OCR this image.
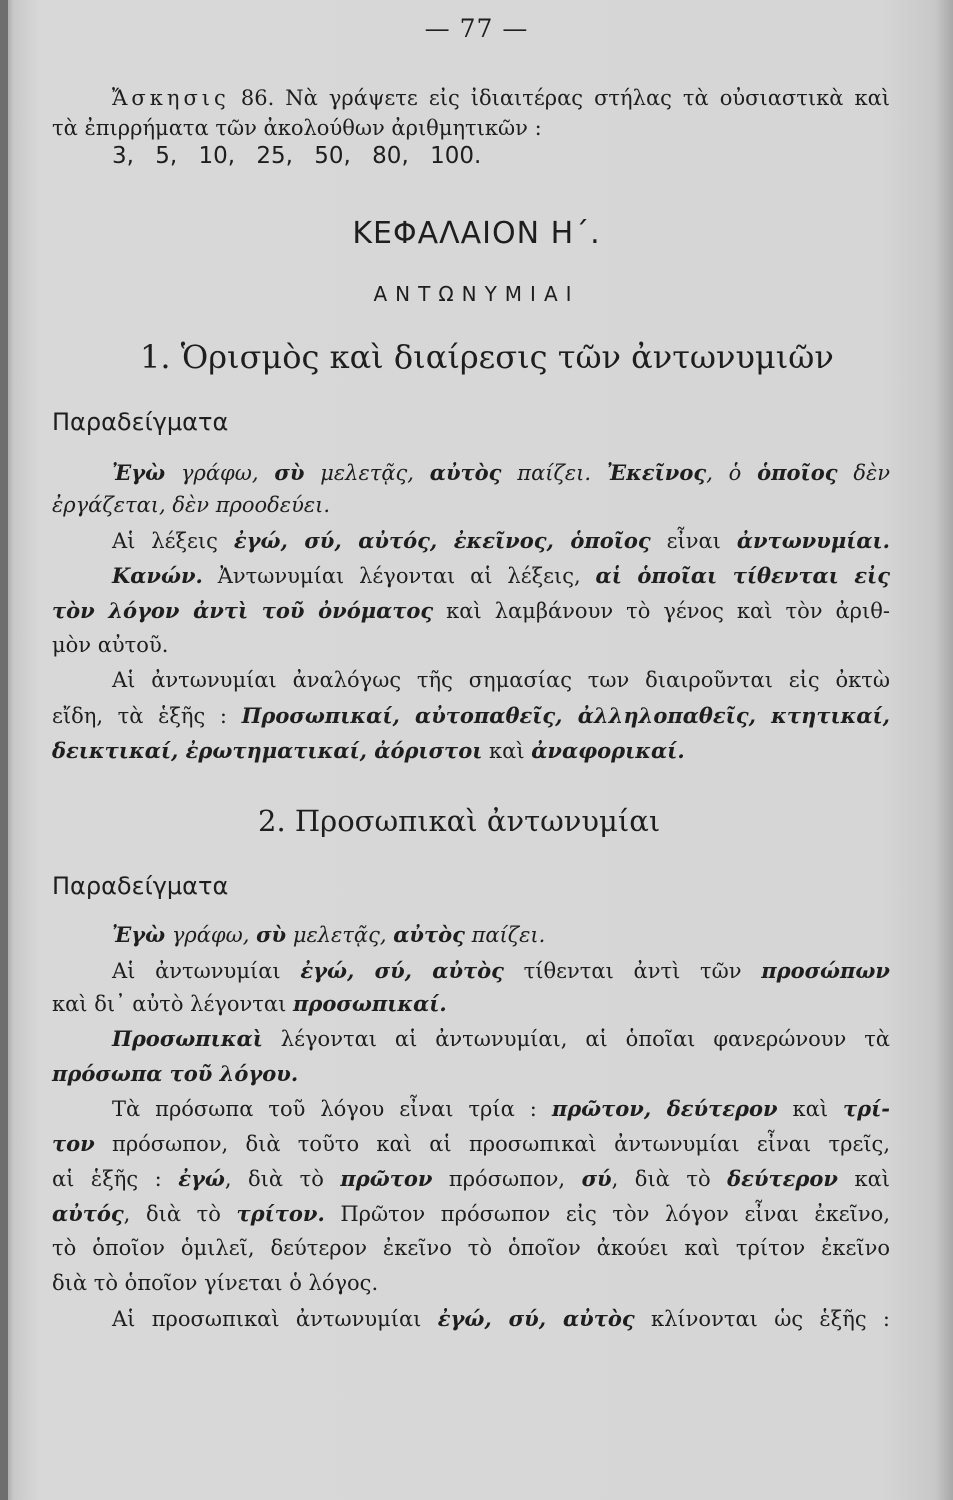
— 77 —
Ἄσκησις 86. Νὰ γράψετε εἰς ἰδιαιτέρας στήλας τὰ οὐσιαστικὰ καὶ
τὰ ἐπιρρήματα τῶν ἀκολούθων ἀριθμητικῶν :
3, 5, 10, 25, 50, 80, 100.
ΚΕΦΑΛΑΙΟΝ Η΄.
ΑΝΤΩΝΥΜΙΑΙ
1. Ὁρισμὸς καὶ διαίρεσις τῶν ἀντωνυμιῶν
Παραδείγματα
Ἐγὼ γράφω, σὺ μελετᾷς, αὐτὸς παίζει. Ἐκεῖνος, ὁ ὁποῖος δὲν
ἐργάζεται, δὲν προοδεύει.
Αἱ λέξεις ἐγώ, σύ, αὐτός, ἐκεῖνος, ὁποῖος εἶναι ἀντωνυμίαι.
Κανών. Ἀντωνυμίαι λέγονται αἱ λέξεις, αἱ ὁποῖαι τίθενται εἰς
τὸν λόγον ἀντὶ τοῦ ὀνόματος καὶ λαμβάνουν τὸ γένος καὶ τὸν ἀριθ-
μὸν αὐτοῦ.
Αἱ ἀντωνυμίαι ἀναλόγως τῆς σημασίας των διαιροῦνται εἰς ὀκτὼ
εἴδη, τὰ ἑξῆς : Προσωπικαί, αὐτοπαθεῖς, ἀλληλοπαθεῖς, κτητικαί,
δεικτικαί, ἐρωτηματικαί, ἀόριστοι καὶ ἀναφορικαί.
2. Προσωπικαὶ ἀντωνυμίαι
Παραδείγματα
Ἐγὼ γράφω, σὺ μελετᾷς, αὐτὸς παίζει.
Αἱ ἀντωνυμίαι ἐγώ, σύ, αὐτὸς τίθενται ἀντὶ τῶν προσώπων
καὶ δι᾽ αὐτὸ λέγονται προσωπικαί.
Προσωπικαὶ λέγονται αἱ ἀντωνυμίαι, αἱ ὁποῖαι φανερώνουν τὰ
πρόσωπα τοῦ λόγου.
Τὰ πρόσωπα τοῦ λόγου εἶναι τρία : πρῶτον, δεύτερον καὶ τρί-
τον πρόσωπον, διὰ τοῦτο καὶ αἱ προσωπικαὶ ἀντωνυμίαι εἶναι τρεῖς,
αἱ ἑξῆς : ἐγώ, διὰ τὸ πρῶτον πρόσωπον, σύ, διὰ τὸ δεύτερον καὶ
αὐτός, διὰ τὸ τρίτον. Πρῶτον πρόσωπον εἰς τὸν λόγον εἶναι ἐκεῖνο,
τὸ ὁποῖον ὁμιλεῖ, δεύτερον ἐκεῖνο τὸ ὁποῖον ἀκούει καὶ τρίτον ἐκεῖνο
διὰ τὸ ὁποῖον γίνεται ὁ λόγος.
Αἱ προσωπικαὶ ἀντωνυμίαι ἐγώ, σύ, αὐτὸς κλίνονται ὡς ἑξῆς :
